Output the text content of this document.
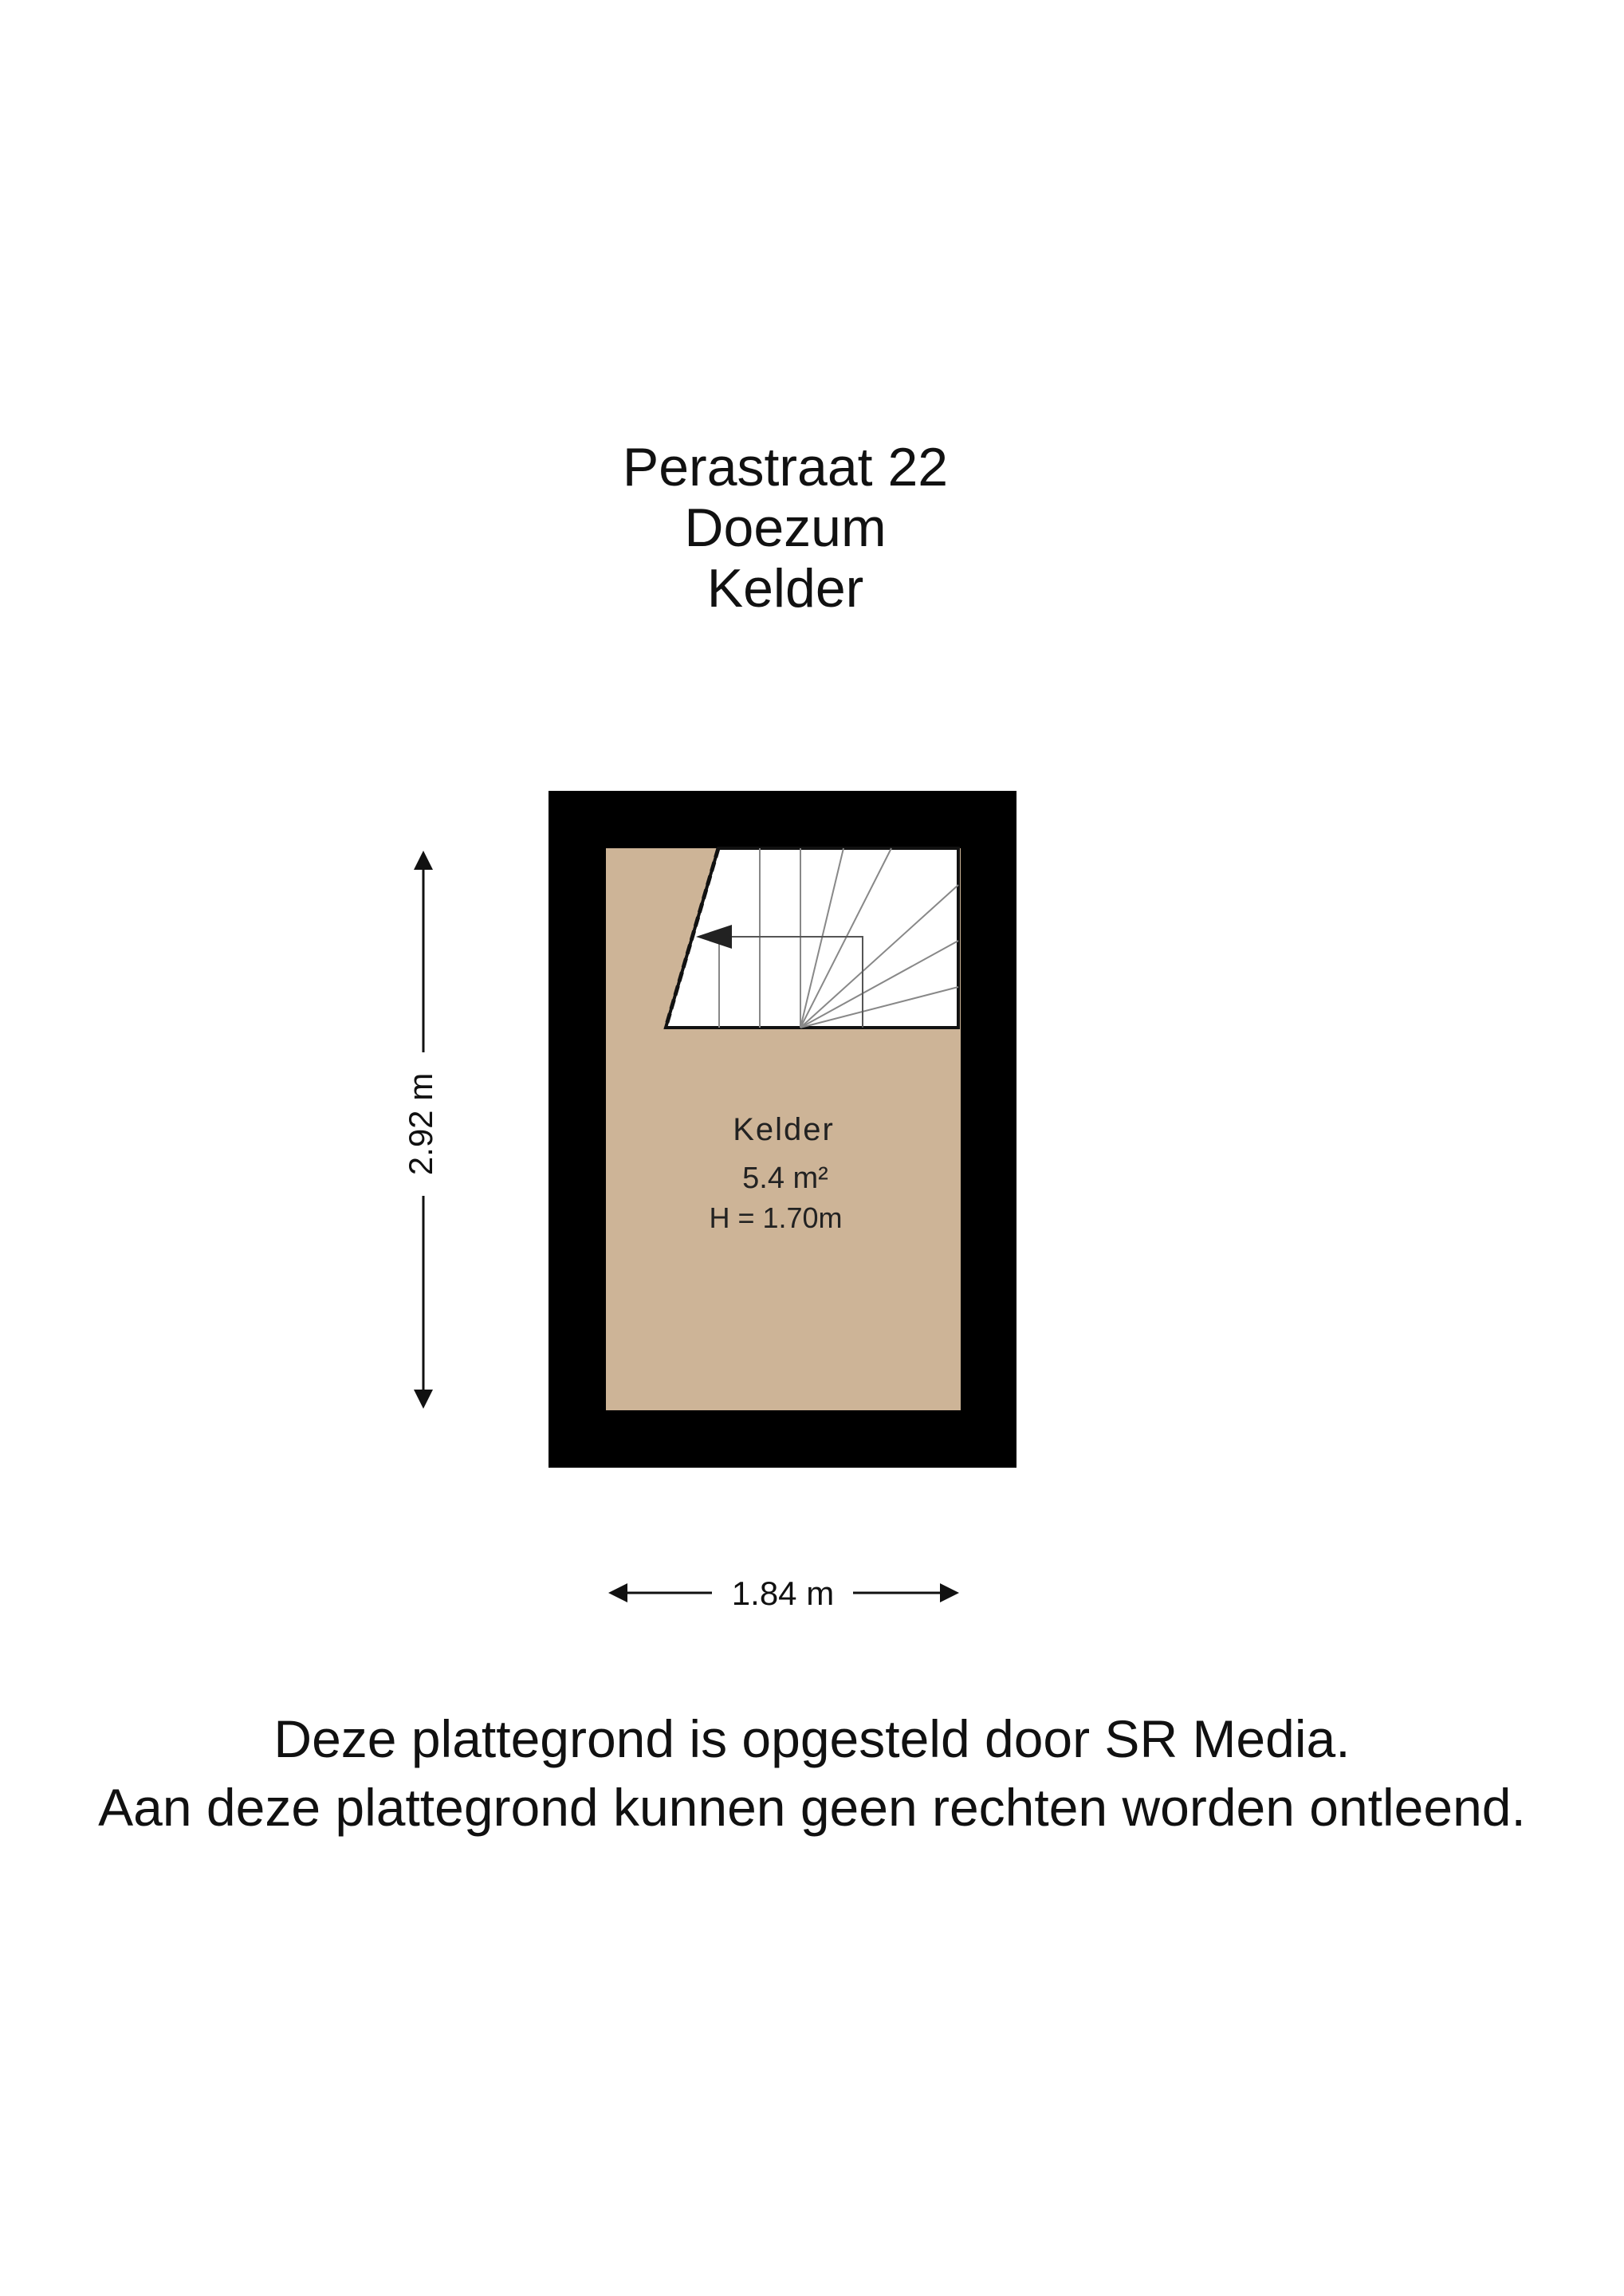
Perastraat 22
Doezum
Kelder
Kelder
5.4 m²
H = 1.70m
2.92 m
1.84 m
Deze plattegrond is opgesteld door SR Media.
Aan deze plattegrond kunnen geen rechten worden ontleend.
